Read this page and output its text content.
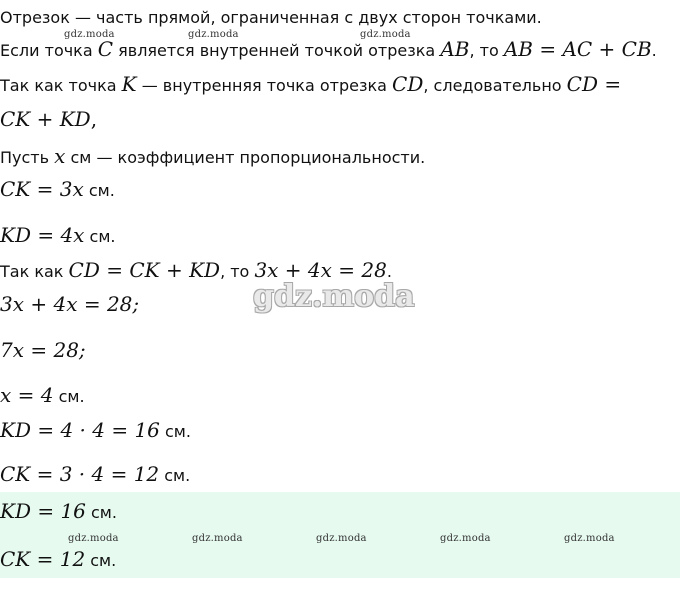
Отрезок — часть прямой, ограниченная с двух сторон точками.
Если точка C является внутренней точкой отрезка AB, то AB = AC + CB.
Так как точка K — внутренняя точка отрезка CD, следовательно CD =
CK + KD,
Пусть x см — коэффициент пропорциональности.
CK = 3x см.
KD = 4x см.
Так как CD = CK + KD, то 3x + 4x = 28.
3x + 4x = 28;
7x = 28;
x = 4 см.
KD = 4 · 4 = 16 см.
CK = 3 · 4 = 12 см.
KD = 16 см.
CK = 12 см.
gdz.moda	gdz.moda	gdz.moda
gdz.moda
gdz.moda	gdz.moda	gdz.moda	gdz.moda	gdz.moda
